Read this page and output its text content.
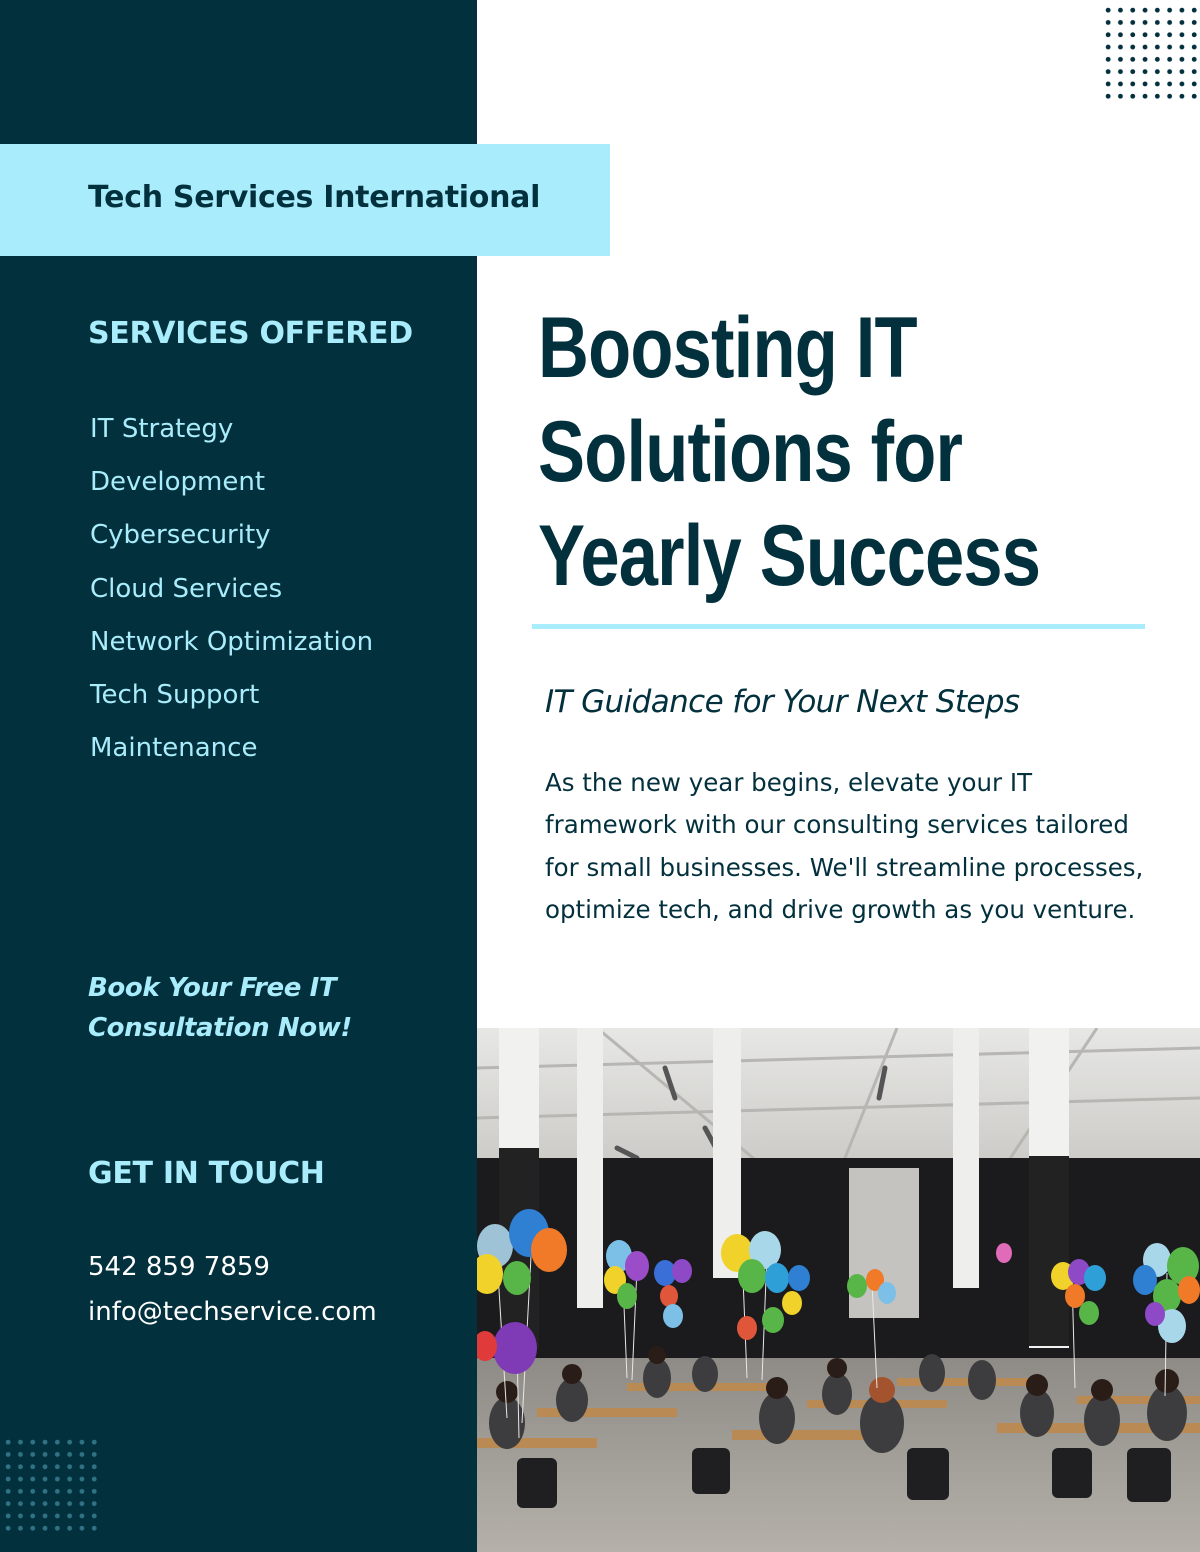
Tech Services International
SERVICES OFFERED
IT Strategy
Development
Cybersecurity
Cloud Services
Network Optimization
Tech Support
Maintenance
Book Your Free IT
Consultation Now!
GET IN TOUCH
542 859 7859
info@techservice.com
Boosting IT
Solutions for
Yearly Success
IT Guidance for Your Next Steps

As the new year begins, elevate your IT framework with our consulting services tailored for small businesses. We'll streamline processes, optimize tech, and drive growth as you venture.
